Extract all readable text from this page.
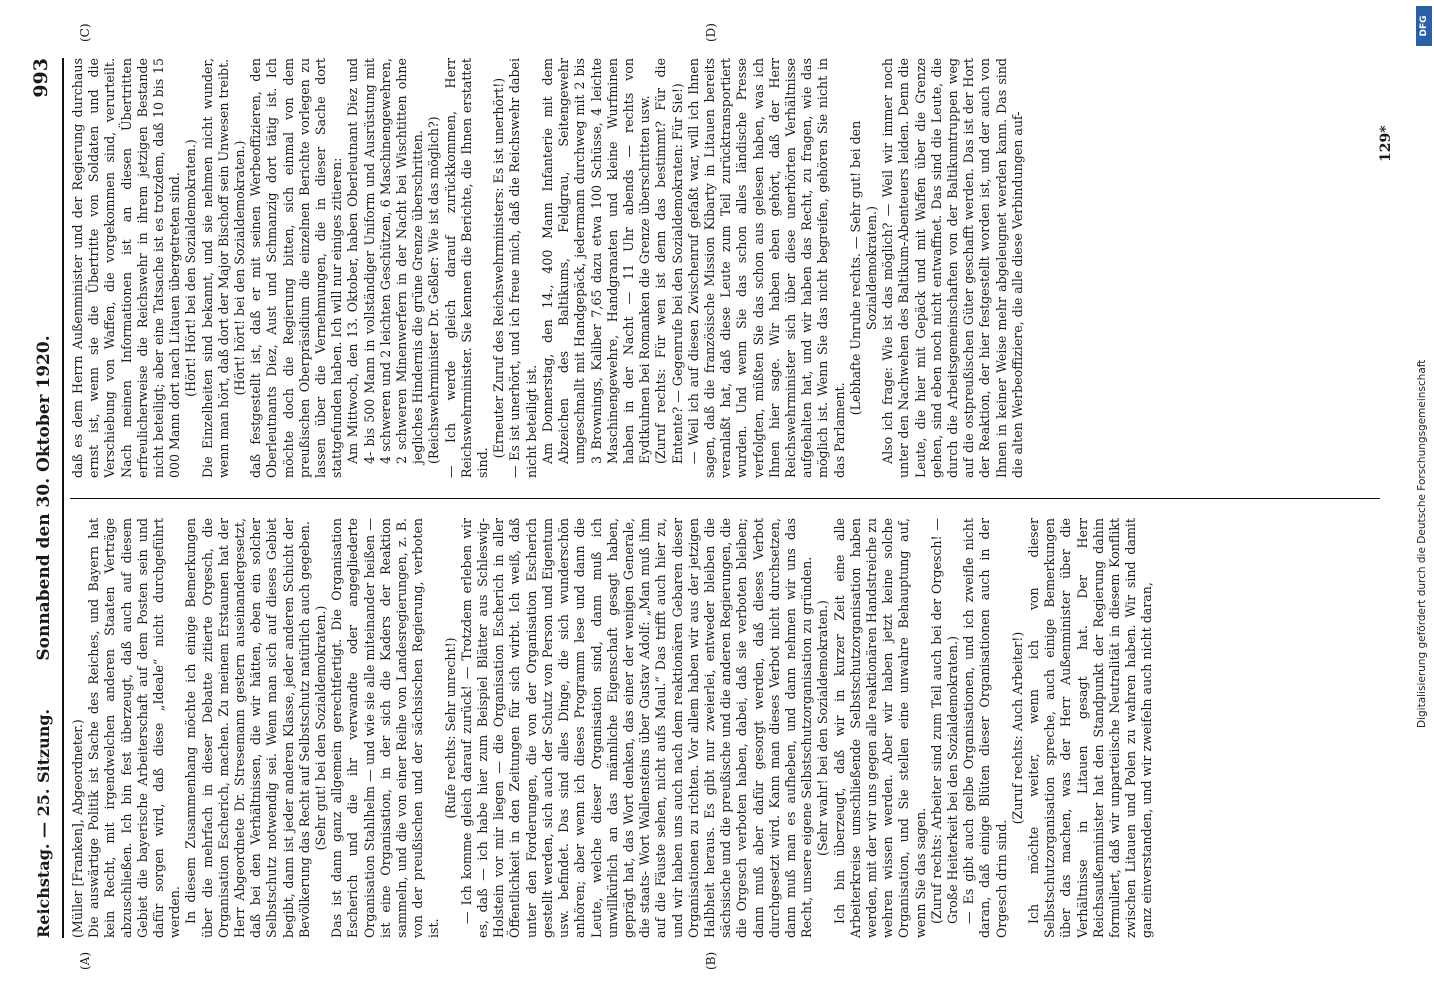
Reichstag. — 25. Sitzung.
Sonnabend den 30. Oktober 1920.
993
(A)	(B)
(C)	(D)

(Müller [Franken], Abgeordneter.) Die auswärtige Politik ist Sache des Reiches, und Bayern hat kein Recht, mit irgendwelchen anderen Staaten Verträge abzuschließen. Ich bin fest überzeugt, daß auch auf diesem Gebiet die bayerische Arbeiterschaft auf dem Posten sein und dafür sorgen wird, daß diese „Ideale“ nicht durchgeführt werden. In diesem Zusammenhang möchte ich einige Bemerkungen über die mehrfach in dieser Debatte zitierte Orgesch, die Organisation Escherich, machen. Zu meinem Erstaunen hat der Herr Abgeordnete Dr. Stresemann gestern auseinandergesetzt, daß bei den Verhältnissen, die wir hätten, eben ein solcher Selbstschutz notwendig sei. Wenn man sich auf dieses Gebiet begibt, dann ist jeder anderen Klasse, jeder anderen Schicht der Bevölkerung das Recht auf Selbstschutz natürlich auch gegeben. (Sehr gut! bei den Sozialdemokraten.) Das ist dann ganz allgemein gerechtfertigt. Die Organisation Escherich und die ihr verwandte oder angegliederte Organisation Stahlhelm — und wie sie alle miteinander heißen — ist eine Organisation, in der sich die Kaders der Reaktion sammeln, und die von einer Reihe von Landesregierungen, z. B. von der preußischen und der sächsischen Regierung, verboten ist.

(Rufe rechts: Sehr unrecht!) — Ich komme gleich darauf zurück! — Trotzdem erleben wir es, daß — ich habe hier zum Beispiel Blätter aus Schleswig-Holstein vor mir liegen — die Organisation Escherich in aller Öffentlichkeit in den Zeitungen für sich wirbt. Ich weiß, daß unter den Forderungen, die von der Organisation Escherich gestellt werden, sich auch der Schutz von Person und Eigentum usw. befindet. Das sind alles Dinge, die sich wunderschön anhören; aber wenn ich dieses Programm lese und dann die Leute, welche dieser Organisation sind, dann muß ich unwillkürlich an das männliche Eigenschaft gesagt haben, geprägt hat, das Wort denken, das einer der wenigen Generale, die staats- Wort Wallensteins über Gustav Adolf: „Man muß ihm auf die Fäuste sehen, nicht aufs Maul.“ Das trifft auch hier zu, und wir haben uns auch nach dem reaktionären Gebaren dieser Organisationen zu richten. Vor allem haben wir aus der jetzigen Halbheit heraus. Es gibt nur zweierlei, entweder bleiben die sächsische und die preußische und die anderen Regierungen, die die Orgesch verboten haben, dabei, daß sie verboten bleiben; dann muß aber dafür gesorgt werden, daß dieses Verbot durchgesetzt wird. Kann man dieses Verbot nicht durchsetzen, dann muß man es aufheben, und dann nehmen wir uns das Recht, unsere eigene Selbstschutzorganisation zu gründen. (Sehr wahr! bei den Sozialdemokraten.) Ich bin überzeugt, daß wir in kurzer Zeit eine alle Arbeiterkreise umschließende Selbstschutzorganisation haben werden, mit der wir uns gegen alle reaktionären Handstreiche zu wehren wissen werden. Aber wir haben jetzt keine solche Organisation, und Sie stellen eine unwahre Behauptung auf, wenn Sie das sagen. (Zuruf rechts: Arbeiter sind zum Teil auch bei der Orgesch! — Große Heiterkeit bei den Sozialdemokraten.) — Es gibt auch gelbe Organisationen, und ich zweifle nicht daran, daß einige Blüten dieser Organisationen auch in der Orgesch drin sind.

(Zuruf rechts: Auch Arbeiter!) Ich möchte weiter, wenn ich von dieser Selbstschutzorganisation spreche, auch einige Bemerkungen über das machen, was der Herr Außenminister über die Verhältnisse in Litauen gesagt hat. Der Herr Reichsaußenminister hat den Standpunkt der Regierung dahin formuliert, daß wir unparteiische Neutralität in diesem Konflikt zwischen Litauen und Polen zu wahren haben. Wir sind damit ganz einverstanden, und wir zweifeln auch nicht daran,

daß es dem Herrn Außenminister und der Regierung durchaus ernst ist, wenn sie die Übertritte von Soldaten und die Verschiebung von Waffen, die vorgekommen sind, verurteilt. Nach meinen Informationen ist an diesen Übertritten erfreulicherweise die Reichswehr in ihrem jetzigen Bestande nicht beteiligt; aber eine Tatsache ist es trotzdem, daß 10 bis 15 000 Mann dort nach Litauen übergetreten sind. (Hört! Hört! bei den Sozialdemokraten.) Die Einzelheiten sind bekannt, und sie nehmen nicht wunder, wenn man hört, daß dort der Major Bischoff sein Unwesen treibt. (Hört! hört! bei den Sozialdemokraten.) daß festgestellt ist, daß er mit seinen Werbeoffizieren, den Oberleutnants Diez, Aust und Schmanzig dort tätig ist. Ich möchte doch die Regierung bitten, sich einmal von dem preußischen Oberpräsidium die einzelnen Berichte vorlegen zu lassen über die Vernehmungen, die in dieser Sache dort stattgefunden haben. Ich will nur einiges zitieren: Am Mittwoch, den 13. Oktober, haben Oberleutnant Diez und 4- bis 500 Mann in vollständiger Uniform und Ausrüstung mit 4 schweren und 2 leichten Geschützen, 6 Maschinengewehren, 2 schweren Minenwerfern in der Nacht bei Wischtitten ohne jegliches Hindernis die grüne Grenze überschritten. (Reichswehrminister Dr. Geßler: Wie ist das möglich?) — Ich werde gleich darauf zurückkommen, Herr Reichswehrminister. Sie kennen die Berichte, die Ihnen erstattet sind.

(Erneuter Zuruf des Reichswehrministers: Es ist unerhört!) — Es ist unerhört, und ich freue mich, daß die Reichswehr dabei nicht beteiligt ist. Am Donnerstag, den 14., 400 Mann Infanterie mit dem Abzeichen des Baltikums, Feldgrau, Seitengewehr umgeschnallt mit Handgepäck, jedermann durchweg mit 2 bis 3 Brownings, Kaliber 7,65 dazu etwa 100 Schüsse, 4 leichte Maschinengewehre, Handgranaten und kleine Wurfminen haben in der Nacht — 11 Uhr abends — rechts von Eydtkuhnen bei Romanken die Grenze überschritten usw. (Zuruf rechts: Für wen ist denn das bestimmt? Für die Entente? — Gegenrufe bei den Sozialdemokraten: Für Sie!) — Weil ich auf diesen Zwischenruf gefaßt war, will ich Ihnen sagen, daß die französische Mission Kibarty in Litauen bereits veranlaßt hat, daß diese Leute zum Teil zurücktransportiert wurden. Und wenn Sie das schon alles ländische Presse verfolgten, müßten Sie das schon aus gelesen haben, was ich Ihnen hier sage. Wir haben eben gehört, daß der Herr Reichswehrminister sich über diese unerhörten Verhältnisse aufgehalten hat, und wir haben das Recht, zu fragen, wie das möglich ist. Wenn Sie das nicht begreifen, gehören Sie nicht in das Parlament.

(Lebhafte Unruhe rechts. — Sehr gut! bei den Sozialdemokraten.) Also ich frage: Wie ist das möglich? — Weil wir immer noch unter den Nachwehen des Baltikum-Abenteuers leiden. Denn die Leute, die hier mit Gepäck und mit Waffen über die Grenze gehen, sind eben noch nicht entwaffnet. Das sind die Leute, die durch die Arbeitsgemeinschaften von der Baltikumtruppen weg auf die ostpreußischen Güter geschafft werden. Das ist der Hort der Reaktion, der hier festgestellt worden ist, und der auch von Ihnen in keiner Weise mehr abgeleugnet werden kann. Das sind die alten Werbeoffiziere, die alle diese Verbindungen auf-	129*
Digitalisierung gefördert durch die Deutsche Forschungsgemeinschaft
DFG
